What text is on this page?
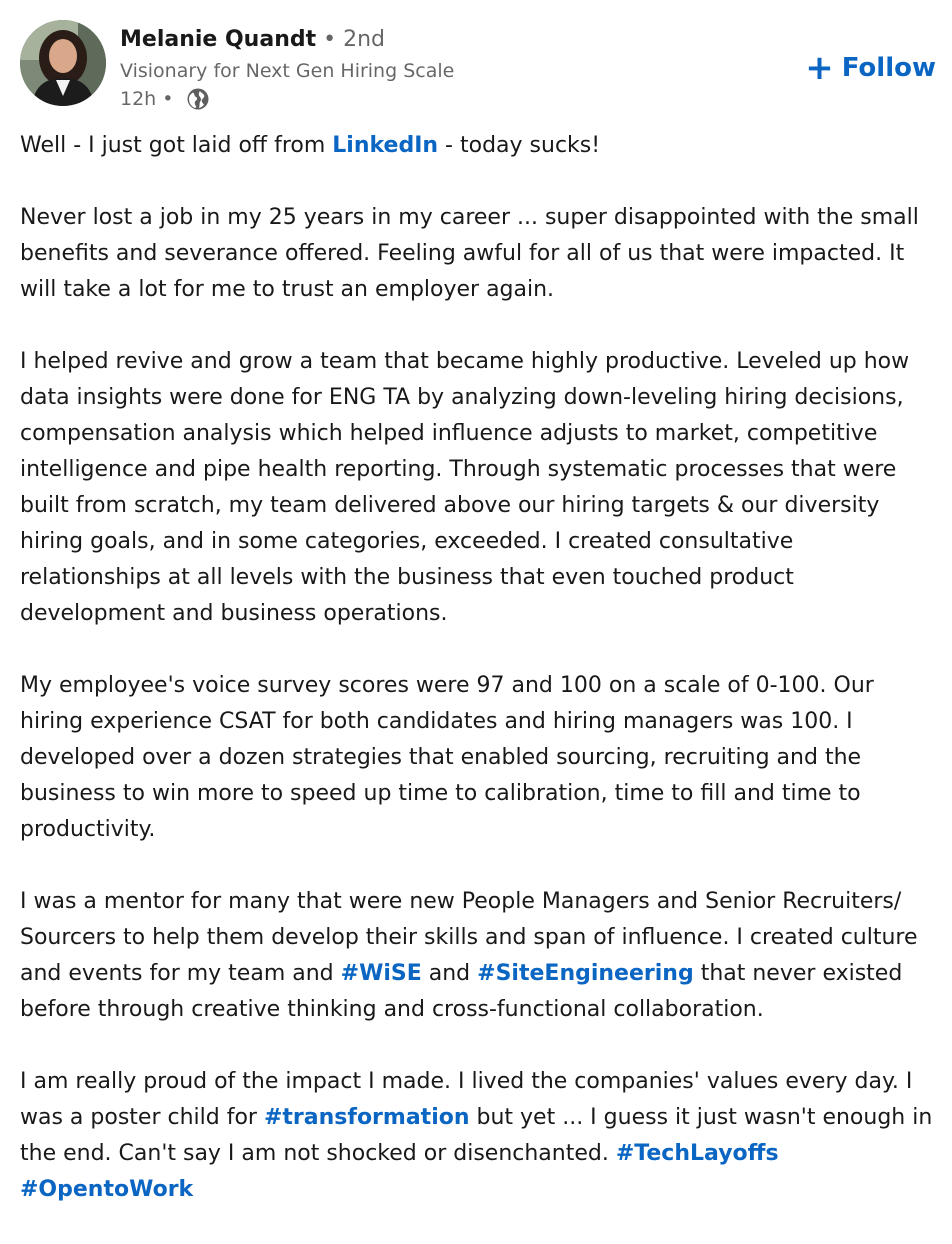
Melanie Quandt • 2nd
Visionary for Next Gen Hiring Scale
12h •
+ Follow

Well - I just got laid off from LinkedIn - today sucks!

Never lost a job in my 25 years in my career ... super disappointed with the small benefits and severance offered. Feeling awful for all of us that were impacted. It will take a lot for me to trust an employer again.

I helped revive and grow a team that became highly productive. Leveled up how data insights were done for ENG TA by analyzing down-leveling hiring decisions, compensation analysis which helped influence adjusts to market, competitive intelligence and pipe health reporting. Through systematic processes that were built from scratch, my team delivered above our hiring targets & our diversity hiring goals, and in some categories, exceeded. I created consultative relationships at all levels with the business that even touched product development and business operations.

My employee's voice survey scores were 97 and 100 on a scale of 0-100. Our hiring experience CSAT for both candidates and hiring managers was 100. I developed over a dozen strategies that enabled sourcing, recruiting and the business to win more to speed up time to calibration, time to fill and time to productivity.

I was a mentor for many that were new People Managers and Senior Recruiters/ Sourcers to help them develop their skills and span of influence. I created culture and events for my team and #WiSE and #SiteEngineering that never existed before through creative thinking and cross-functional collaboration.

I am really proud of the impact I made. I lived the companies' values every day. I was a poster child for #transformation but yet ... I guess it just wasn't enough in the end. Can't say I am not shocked or disenchanted. #TechLayoffs #OpentoWork
